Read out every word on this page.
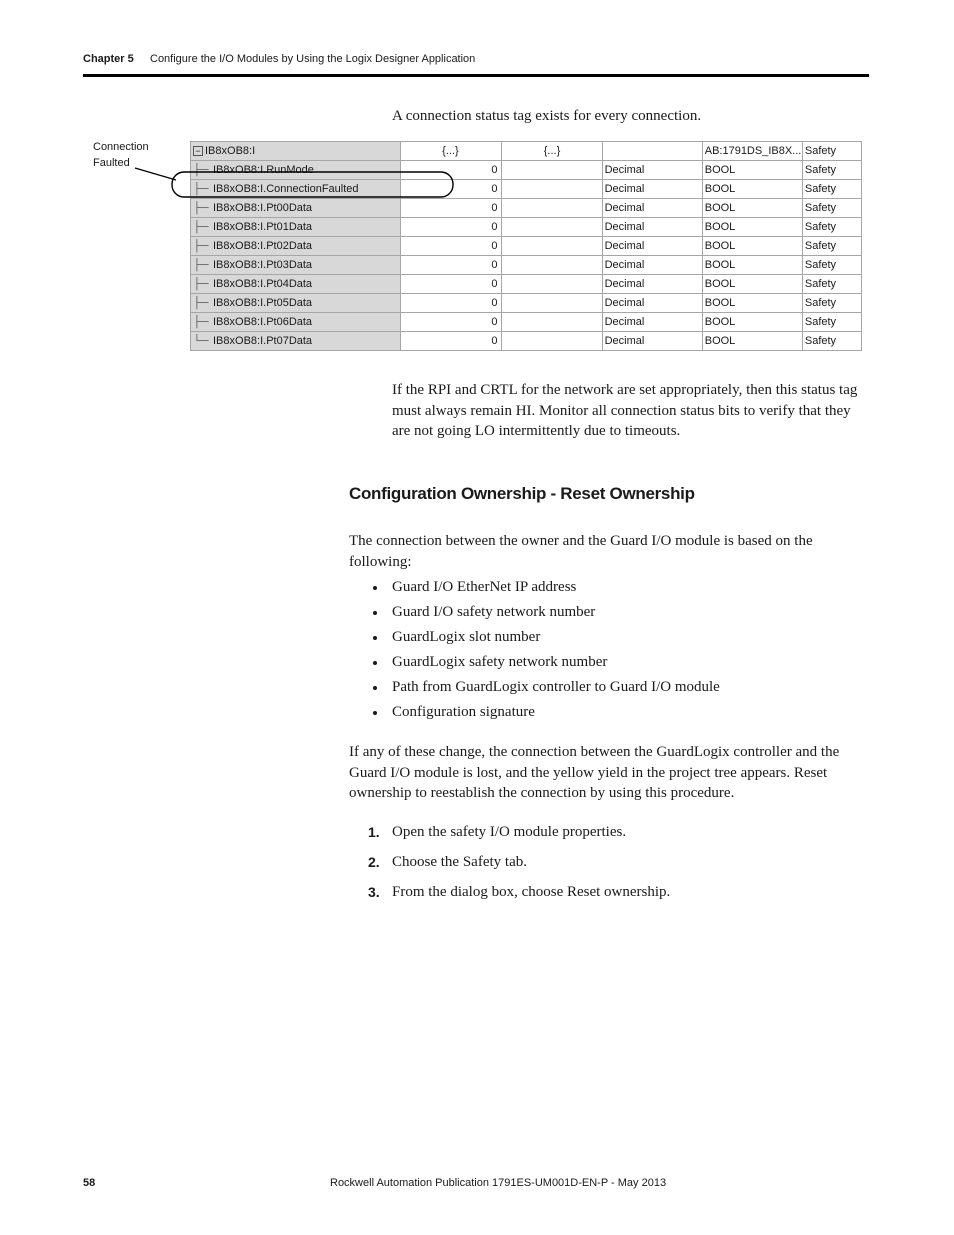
Chapter 5 Configure the I/O Modules by Using the Logix Designer Application
A connection status tag exists for every connection.
Connection
Faulted
− IB8xOB8:I	{...}	{...}		AB:1791DS_IB8X...	Safety
├─ IB8xOB8:I.RunMode	0		Decimal	BOOL	Safety
├─ IB8xOB8:I.ConnectionFaulted	0		Decimal	BOOL	Safety
├─ IB8xOB8:I.Pt00Data	0		Decimal	BOOL	Safety
├─ IB8xOB8:I.Pt01Data	0		Decimal	BOOL	Safety
├─ IB8xOB8:I.Pt02Data	0		Decimal	BOOL	Safety
├─ IB8xOB8:I.Pt03Data	0		Decimal	BOOL	Safety
├─ IB8xOB8:I.Pt04Data	0		Decimal	BOOL	Safety
├─ IB8xOB8:I.Pt05Data	0		Decimal	BOOL	Safety
├─ IB8xOB8:I.Pt06Data	0		Decimal	BOOL	Safety
└─ IB8xOB8:I.Pt07Data	0		Decimal	BOOL	Safety
If the RPI and CRTL for the network are set appropriately, then this status tag must always remain HI. Monitor all connection status bits to verify that they are not going LO intermittently due to timeouts.
Configuration Ownership - Reset Ownership
The connection between the owner and the Guard I/O module is based on the following:
Guard I/O EtherNet IP address
Guard I/O safety network number
GuardLogix slot number
GuardLogix safety network number
Path from GuardLogix controller to Guard I/O module
Configuration signature
If any of these change, the connection between the GuardLogix controller and the Guard I/O module is lost, and the yellow yield in the project tree appears. Reset ownership to reestablish the connection by using this procedure.
1. Open the safety I/O module properties.
2. Choose the Safety tab.
3. From the dialog box, choose Reset ownership.
58	Rockwell Automation Publication 1791ES-UM001D-EN-P - May 2013
